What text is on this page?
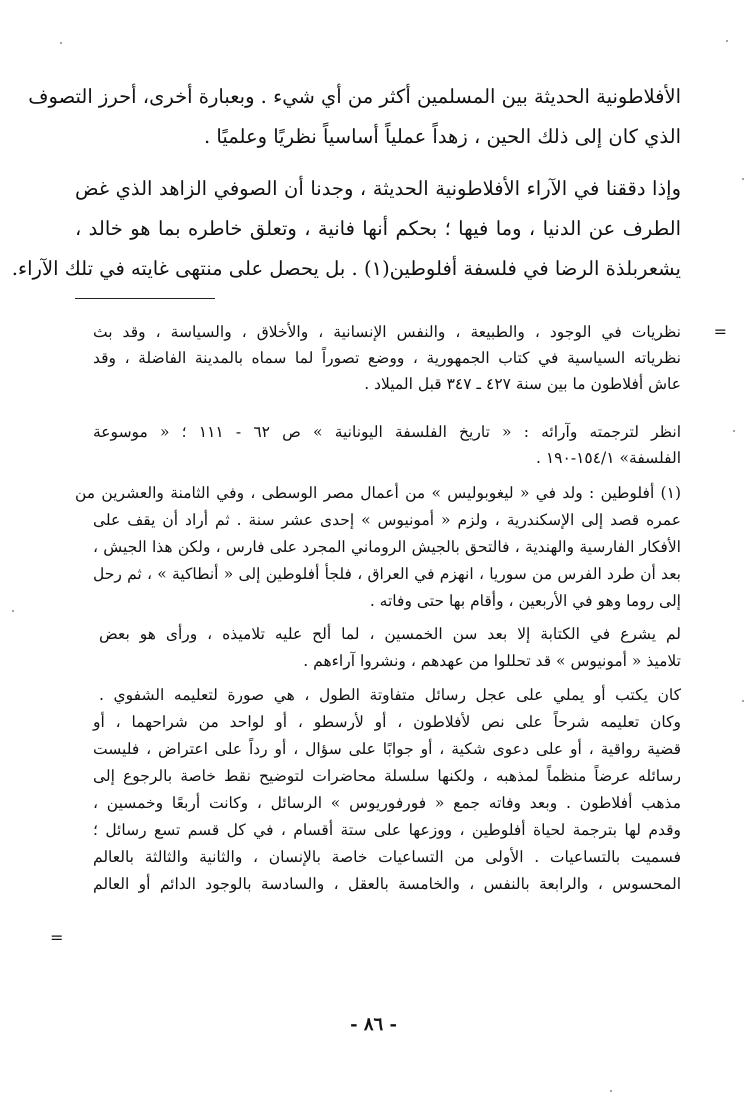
الأفلاطونية الحديثة بين المسلمين أكثر من أي شيء . وبعبارة أخرى، أحرز التصوف
الذي كان إلى ذلك الحين ، زهداً عملياً أساسياً نظريًا وعلميًا .
وإذا دققنا في الآراء الأفلاطونية الحديثة ، وجدنا أن الصوفي الزاهد الذي غض
الطرف عن الدنيا ، وما فيها ؛ بحكم أنها فانية ، وتعلق خاطره بما هو خالد ،
يشعربلذة الرضا في فلسفة أفلوطين(١) . بل يحصل على منتهى غايته في تلك الآراء.
نظريات في الوجود ، والطبيعة ، والنفس الإنسانية ، والأخلاق ، والسياسة ، وقد بث
نظرياته السياسية في كتاب الجمهورية ، ووضع تصوراً لما سماه بالمدينة الفاضلة ، وقد
عاش أفلاطون ما بين سنة ٤٢٧ ـ ٣٤٧ قبل الميلاد .
انظر لترجمته وآرائه : « تاريخ الفلسفة اليونانية » ص ٦٢ - ١١١ ؛ « موسوعة
الفلسفة» ١٥٤/١-١٩٠ .
(١) أفلوطين : ولد في « ليغوبوليس » من أعمال مصر الوسطى ، وفي الثامنة والعشرين من
عمره قصد إلى الإسكندرية ، ولزم « أمونيوس » إحدى عشر سنة . ثم أراد أن يقف على
الأفكار الفارسية والهندية ، فالتحق بالجيش الروماني المجرد على فارس ، ولكن هذا الجيش ،
بعد أن طرد الفرس من سوريا ، انهزم في العراق ، فلجأ أفلوطين إلى « أنطاكية » ، ثم رحل
إلى روما وهو في الأربعين ، وأقام بها حتى وفاته .
لم يشرع في الكتابة إلا بعد سن الخمسين ، لما ألح عليه تلاميذه ، ورأى هو بعض
تلاميذ « أمونيوس » قد تحللوا من عهدهم ، ونشروا آراءهم .
كان يكتب أو يملي على عجل رسائل متفاوتة الطول ، هي صورة لتعليمه الشفوي .
وكان تعليمه شرحاً على نص لأفلاطون ، أو لأرسطو ، أو لواحد من شراحهما ، أو
قضية رواقية ، أو على دعوى شكية ، أو جوابًا على سؤال ، أو رداً على اعتراض ، فليست
رسائله عرضاً منظماً لمذهبه ، ولكنها سلسلة محاضرات لتوضيح نقط خاصة بالرجوع إلى
مذهب أفلاطون . وبعد وفاته جمع « فورفوريوس » الرسائل ، وكانت أربعًا وخمسين ،
وقدم لها بترجمة لحياة أفلوطين ، ووزعها على ستة أقسام ، في كل قسم تسع رسائل ؛
فسميت بالتساعيات . الأولى من التساعيات خاصة بالإنسان ، والثانية والثالثة بالعالم
المحسوس ، والرابعة بالنفس ، والخامسة بالعقل ، والسادسة بالوجود الدائم أو العالم
=
=
- ٨٦ -
